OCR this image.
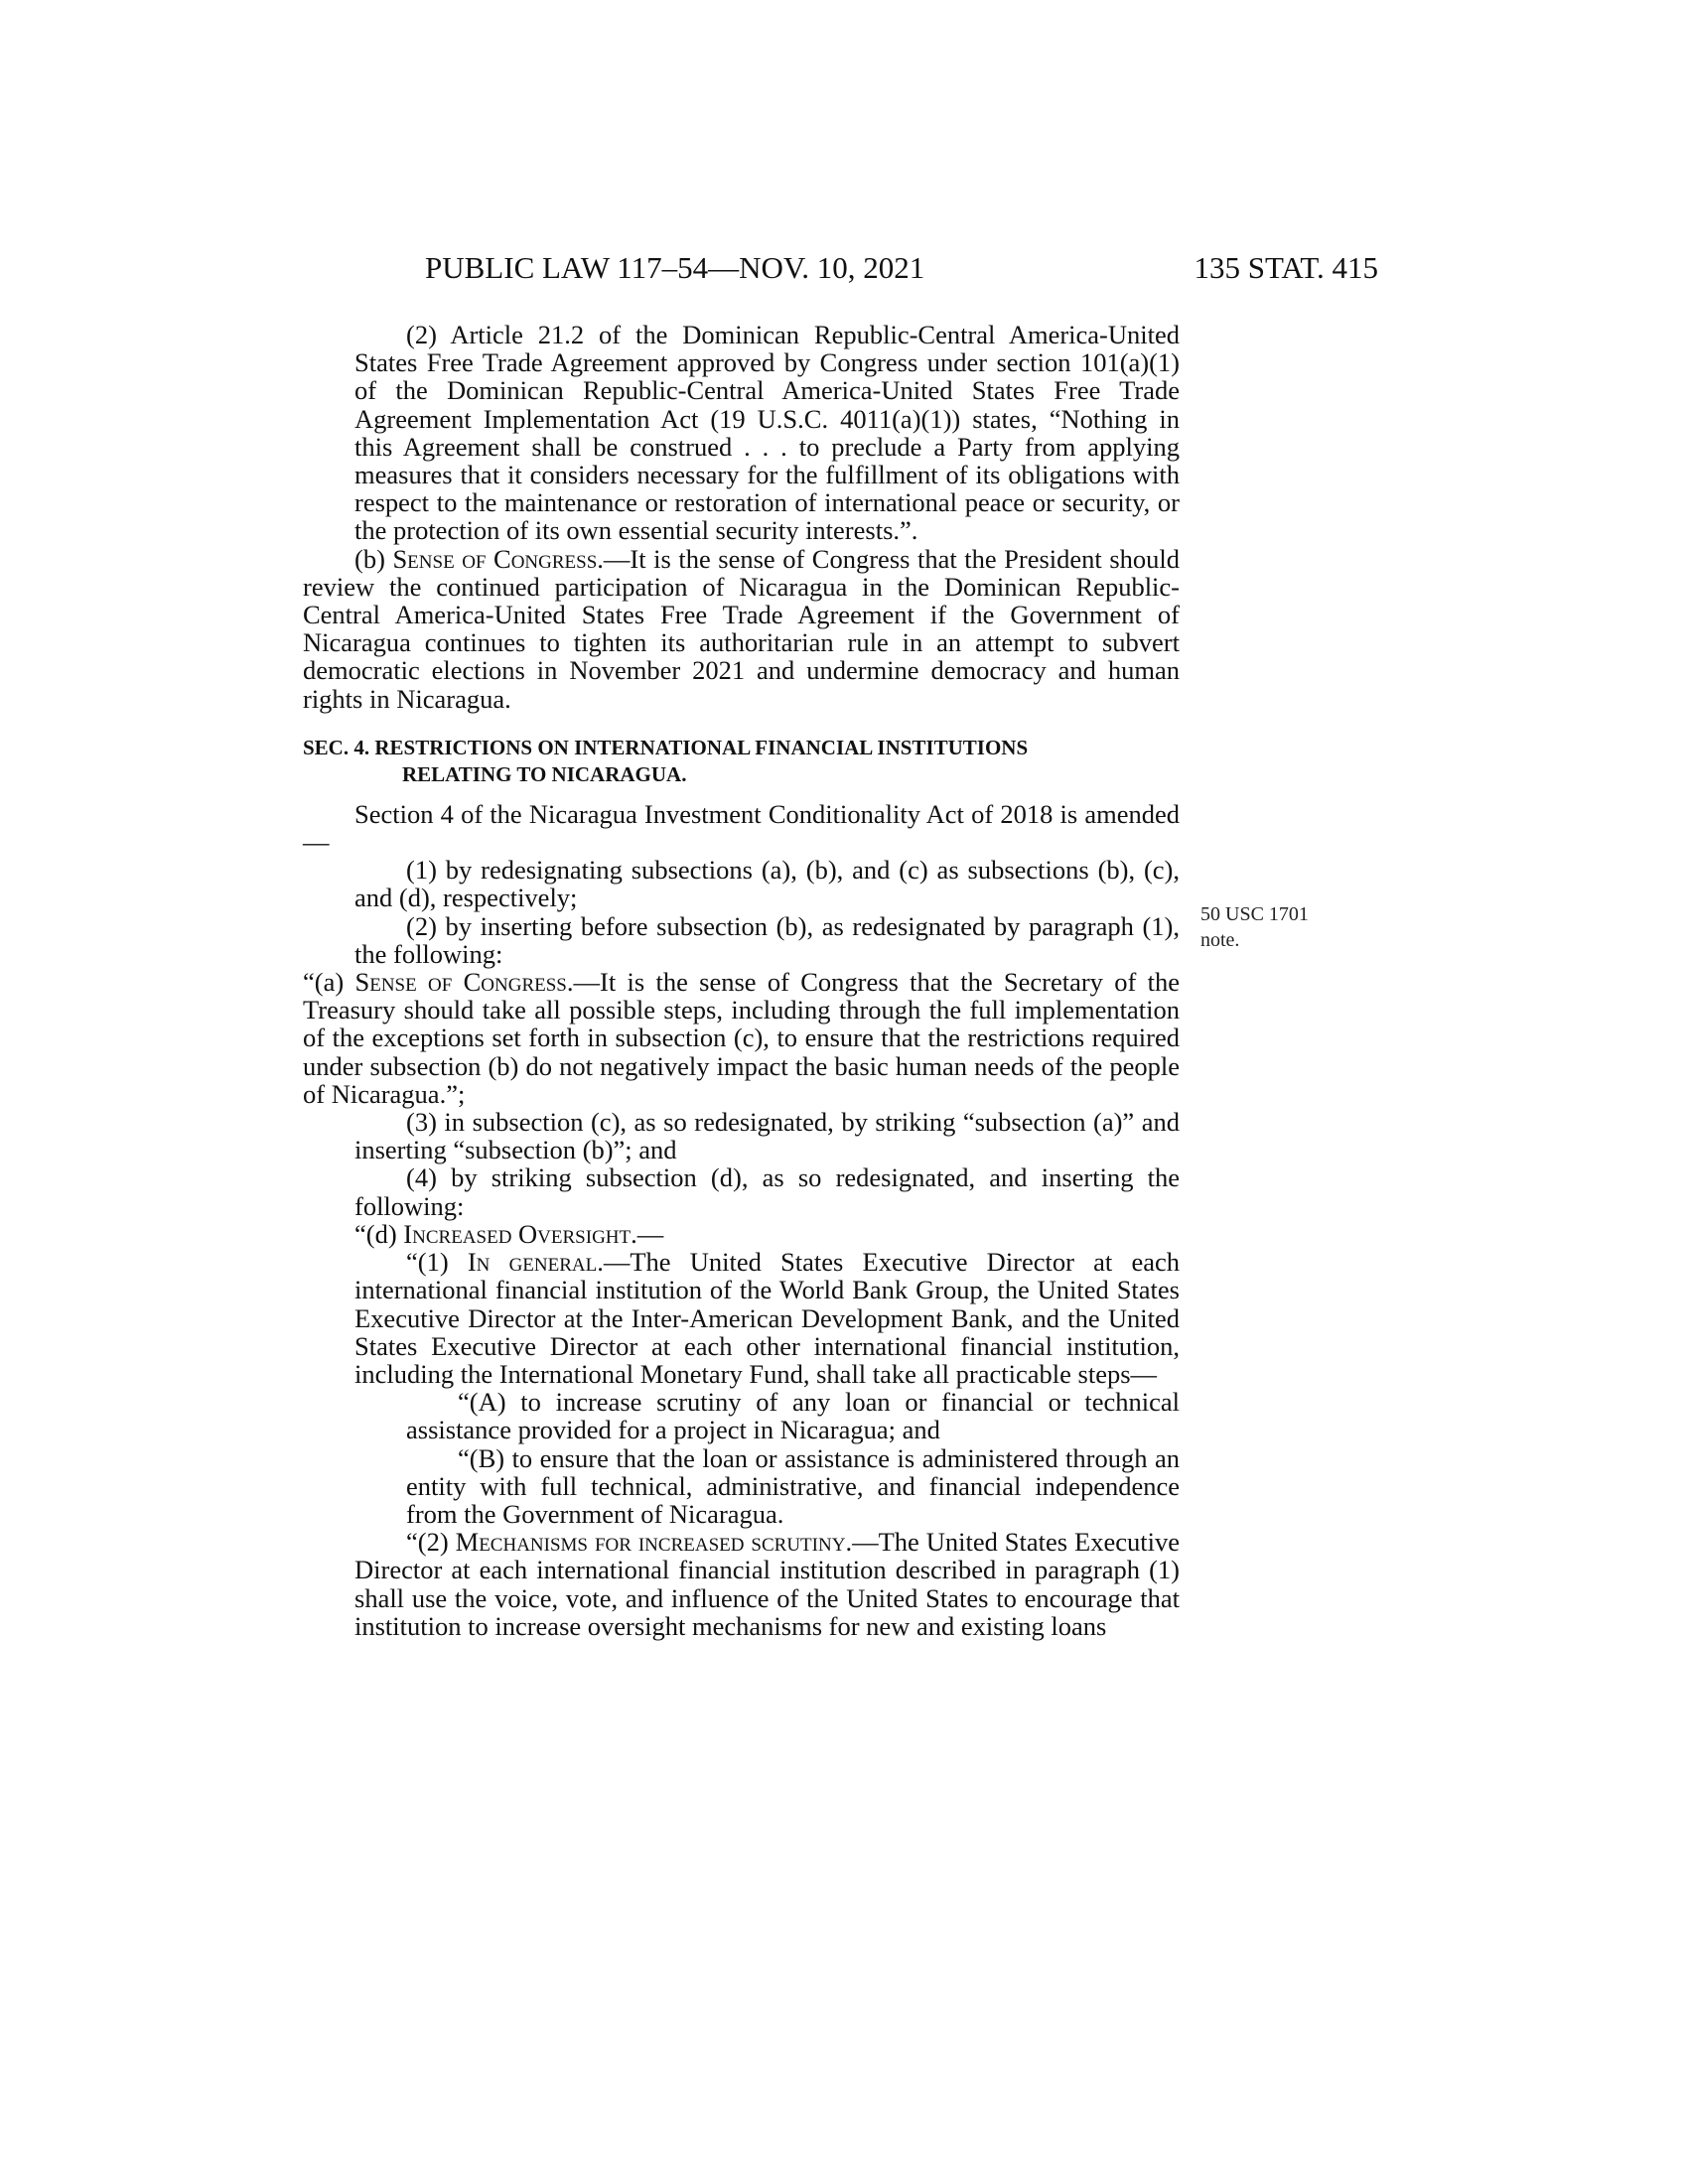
PUBLIC LAW 117–54—NOV. 10, 2021	135 STAT. 415

(2) Article 21.2 of the Dominican Republic-Central America-United States Free Trade Agreement approved by Congress under section 101(a)(1) of the Dominican Republic-Central America-United States Free Trade Agreement Implementation Act (19 U.S.C. 4011(a)(1)) states, “Nothing in this Agreement shall be construed . . . to preclude a Party from applying measures that it considers necessary for the fulfillment of its obligations with respect to the maintenance or restoration of international peace or security, or the protection of its own essential security interests.”.

(b) Sense of Congress.—It is the sense of Congress that the President should review the continued participation of Nicaragua in the Dominican Republic-Central America-United States Free Trade Agreement if the Government of Nicaragua continues to tighten its authoritarian rule in an attempt to subvert democratic elections in November 2021 and undermine democracy and human rights in Nicaragua.

SEC. 4. RESTRICTIONS ON INTERNATIONAL FINANCIAL INSTITUTIONS
RELATING TO NICARAGUA.

Section 4 of the Nicaragua Investment Conditionality Act of 2018 is amended—

(1) by redesignating subsections (a), (b), and (c) as subsections (b), (c), and (d), respectively;

(2) by inserting before subsection (b), as redesignated by paragraph (1), the following:

“(a) Sense of Congress.—It is the sense of Congress that the Secretary of the Treasury should take all possible steps, including through the full implementation of the exceptions set forth in subsection (c), to ensure that the restrictions required under subsection (b) do not negatively impact the basic human needs of the people of Nicaragua.”;

(3) in subsection (c), as so redesignated, by striking “subsection (a)” and inserting “subsection (b)”; and

(4) by striking subsection (d), as so redesignated, and inserting the following:

“(d) Increased Oversight.—

“(1) In general.—The United States Executive Director at each international financial institution of the World Bank Group, the United States Executive Director at the Inter-American Development Bank, and the United States Executive Director at each other international financial institution, including the International Monetary Fund, shall take all practicable steps—

“(A) to increase scrutiny of any loan or financial or technical assistance provided for a project in Nicaragua; and

“(B) to ensure that the loan or assistance is administered through an entity with full technical, administrative, and financial independence from the Government of Nicaragua.

“(2) Mechanisms for increased scrutiny.—The United States Executive Director at each international financial institution described in paragraph (1) shall use the voice, vote, and influence of the United States to encourage that institution to increase oversight mechanisms for new and existing loans

50 USC 1701
note.
